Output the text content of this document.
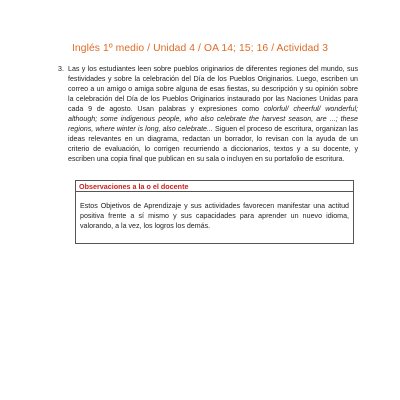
Inglés 1º medio / Unidad 4 / OA 14; 15; 16 / Actividad 3
3. Las y los estudiantes leen sobre pueblos originarios de diferentes regiones del mundo, sus festividades y sobre la celebración del Día de los Pueblos Originarios. Luego, escriben un correo a un amigo o amiga sobre alguna de esas fiestas, su descripción y su opinión sobre la celebración del Día de los Pueblos Originarios instaurado por las Naciones Unidas para cada 9 de agosto. Usan palabras y expresiones como colorful/ cheerful/ wonderful; although; some indigenous people, who also celebrate the harvest season, are ...; these regions, where winter is long, also celebrate... Siguen el proceso de escritura, organizan las ideas relevantes en un diagrama, redactan un borrador, lo revisan con la ayuda de un criterio de evaluación, lo corrigen recurriendo a diccionarios, textos y a su docente, y escriben una copia final que publican en su sala o incluyen en su portafolio de escritura.

Observaciones a la o el docente
Estos Objetivos de Aprendizaje y sus actividades favorecen manifestar una actitud positiva frente a sí mismo y sus capacidades para aprender un nuevo idioma, valorando, a la vez, los logros los demás.
